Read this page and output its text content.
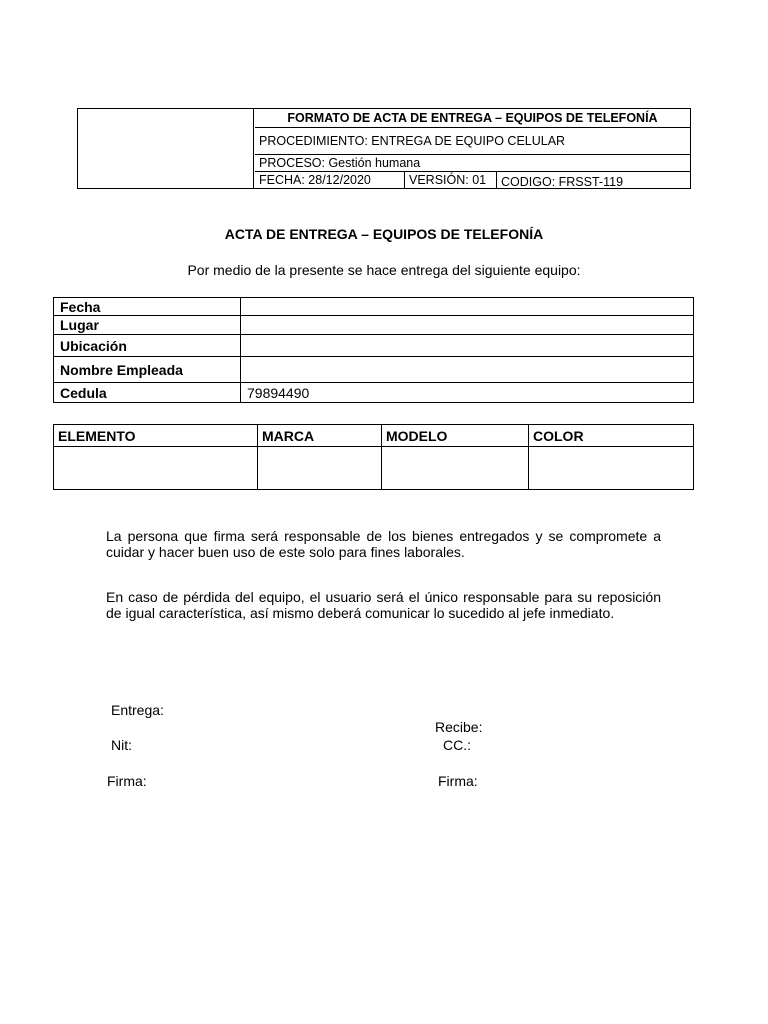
FORMATO DE ACTA DE ENTREGA – EQUIPOS DE TELEFONÍA
PROCEDIMIENTO: ENTREGA DE EQUIPO CELULAR
PROCESO: Gestión humana
FECHA: 28/12/2020	VERSIÓN: 01	CODIGO: FRSST-119
ACTA DE ENTREGA – EQUIPOS DE TELEFONÍA
Por medio de la presente se hace entrega del siguiente equipo:
Fecha	
Lugar	
Ubicación	
Nombre Empleada	
Cedula	79894490
ELEMENTO	MARCA	MODELO	COLOR

La persona que firma será responsable de los bienes entregados y se compromete a cuidar y hacer buen uso de este solo para fines laborales.
En caso de pérdida del equipo, el usuario será el único responsable para su reposición de igual característica, así mismo deberá comunicar lo sucedido al jefe inmediato.
Entrega:
Nit:
Firma:
Recibe:
CC.:
Firma:
